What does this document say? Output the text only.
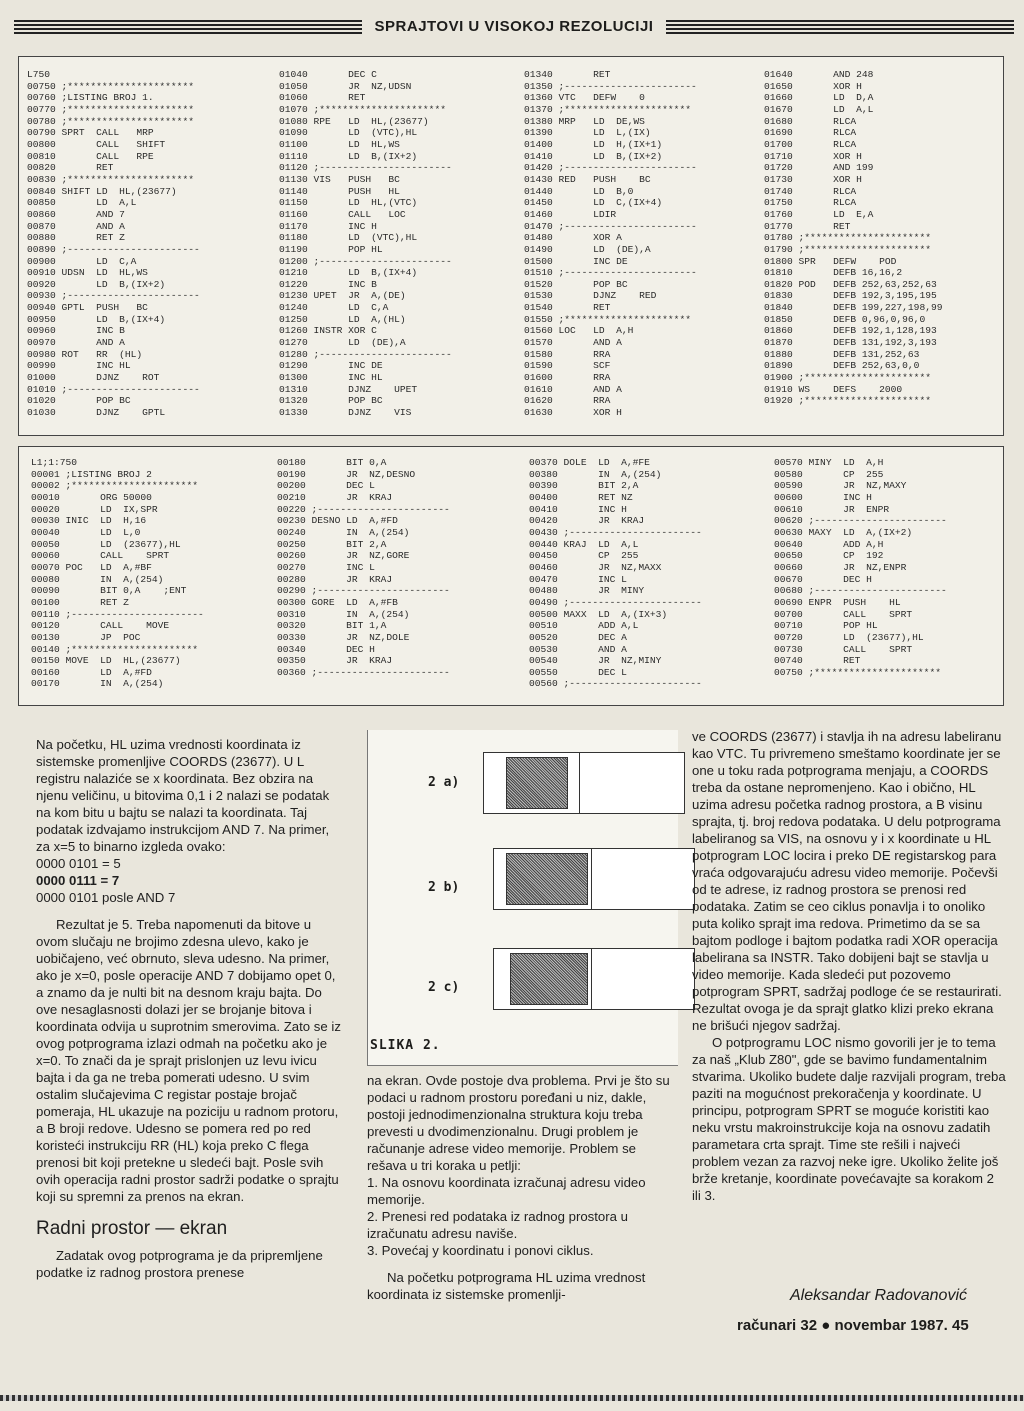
SPRAJTOVI U VISOKOJ REZOLUCIJI
L750
00750 ;**********************
00760 ;LISTING BROJ 1.
00770 ;**********************
00780 ;**********************
00790 SPRT  CALL   MRP
00800       CALL   SHIFT
00810       CALL   RPE
00820       RET
00830 ;**********************
00840 SHIFT LD  HL,(23677)
00850       LD  A,L
00860       AND 7
00870       AND A
00880       RET Z
00890 ;-----------------------
00900       LD  C,A
00910 UDSN  LD  HL,WS
00920       LD  B,(IX+2)
00930 ;-----------------------
00940 GPTL  PUSH   BC
00950       LD  B,(IX+4)
00960       INC B
00970       AND A
00980 ROT   RR  (HL)
00990       INC HL
01000       DJNZ    ROT
01010 ;-----------------------
01020       POP BC
01030       DJNZ    GPTL
01040       DEC C
01050       JR  NZ,UDSN
01060       RET
01070 ;**********************
01080 RPE   LD  HL,(23677)
01090       LD  (VTC),HL
01100       LD  HL,WS
01110       LD  B,(IX+2)
01120 ;-----------------------
01130 VIS   PUSH   BC
01140       PUSH   HL
01150       LD  HL,(VTC)
01160       CALL   LOC
01170       INC H
01180       LD  (VTC),HL
01190       POP HL
01200 ;-----------------------
01210       LD  B,(IX+4)
01220       INC B
01230 UPET  JR  A,(DE)
01240       LD  C,A
01250       LD  A,(HL)
01260 INSTR XOR C
01270       LD  (DE),A
01280 ;-----------------------
01290       INC DE
01300       INC HL
01310       DJNZ    UPET
01320       POP BC
01330       DJNZ    VIS
01340       RET
01350 ;-----------------------
01360 VTC   DEFW    0
01370 ;**********************
01380 MRP   LD  DE,WS
01390       LD  L,(IX)
01400       LD  H,(IX+1)
01410       LD  B,(IX+2)
01420 ;-----------------------
01430 RED   PUSH    BC
01440       LD  B,0
01450       LD  C,(IX+4)
01460       LDIR
01470 ;-----------------------
01480       XOR A
01490       LD  (DE),A
01500       INC DE
01510 ;-----------------------
01520       POP BC
01530       DJNZ    RED
01540       RET
01550 ;**********************
01560 LOC   LD  A,H
01570       AND A
01580       RRA
01590       SCF
01600       RRA
01610       AND A
01620       RRA
01630       XOR H
01640       AND 248
01650       XOR H
01660       LD  D,A
01670       LD  A,L
01680       RLCA
01690       RLCA
01700       RLCA
01710       XOR H
01720       AND 199
01730       XOR H
01740       RLCA
01750       RLCA
01760       LD  E,A
01770       RET
01780 ;**********************
01790 ;**********************
01800 SPR   DEFW    POD
01810       DEFB 16,16,2
01820 POD   DEFB 252,63,252,63
01830       DEFB 192,3,195,195
01840       DEFB 199,227,198,99
01850       DEFB 0,96,0,96,0
01860       DEFB 192,1,128,193
01870       DEFB 131,192,3,193
01880       DEFB 131,252,63
01890       DEFB 252,63,0,0
01900 ;**********************
01910 WS    DEFS    2000
01920 ;**********************
L1;1:750
00001 ;LISTING BROJ 2
00002 ;**********************
00010       ORG 50000
00020       LD  IX,SPR
00030 INIC  LD  H,16
00040       LD  L,0
00050       LD  (23677),HL
00060       CALL    SPRT
00070 POC   LD  A,#BF
00080       IN  A,(254)
00090       BIT 0,A    ;ENT
00100       RET Z
00110 ;-----------------------
00120       CALL    MOVE
00130       JP  POC
00140 ;**********************
00150 MOVE  LD  HL,(23677)
00160       LD  A,#FD
00170       IN  A,(254)
00180       BIT 0,A
00190       JR  NZ,DESNO
00200       DEC L
00210       JR  KRAJ
00220 ;-----------------------
00230 DESNO LD  A,#FD
00240       IN  A,(254)
00250       BIT 2,A
00260       JR  NZ,GORE
00270       INC L
00280       JR  KRAJ
00290 ;-----------------------
00300 GORE  LD  A,#FB
00310       IN  A,(254)
00320       BIT 1,A
00330       JR  NZ,DOLE
00340       DEC H
00350       JR  KRAJ
00360 ;-----------------------
00370 DOLE  LD  A,#FE
00380       IN  A,(254)
00390       BIT 2,A
00400       RET NZ
00410       INC H
00420       JR  KRAJ
00430 ;-----------------------
00440 KRAJ  LD  A,L
00450       CP  255
00460       JR  NZ,MAXX
00470       INC L
00480       JR  MINY
00490 ;-----------------------
00500 MAXX  LD  A,(IX+3)
00510       ADD A,L
00520       DEC A
00530       AND A
00540       JR  NZ,MINY
00550       DEC L
00560 ;-----------------------
00570 MINY  LD  A,H
00580       CP  255
00590       JR  NZ,MAXY
00600       INC H
00610       JR  ENPR
00620 ;-----------------------
00630 MAXY  LD  A,(IX+2)
00640       ADD A,H
00650       CP  192
00660       JR  NZ,ENPR
00670       DEC H
00680 ;-----------------------
00690 ENPR  PUSH    HL
00700       CALL    SPRT
00710       POP HL
00720       LD  (23677),HL
00730       CALL    SPRT
00740       RET
00750 ;**********************

Na početku, HL uzima vrednosti koordinata iz sistemske promenljive COORDS (23677). U L registru nalaziće se x koordinata. Bez obzira na njenu veličinu, u bitovima 0,1 i 2 nalazi se podatak na kom bitu u bajtu se nalazi ta koordinata. Taj podatak izdvajamo instrukcijom AND 7. Na primer, za x=5 to binarno izgleda ovako:

0000 0101 = 5

0000 0111 = 7

0000 0101 posle AND 7

Rezultat je 5. Treba napomenuti da bitove u ovom slučaju ne brojimo zdesna ulevo, kako je uobičajeno, već obrnuto, sleva udesno. Na primer, ako je x=0, posle operacije AND 7 dobijamo opet 0, a znamo da je nulti bit na desnom kraju bajta. Do ove nesaglasnosti dolazi jer se brojanje bitova i koordinata odvija u suprotnim smerovima. Zato se iz ovog potprograma izlazi odmah na početku ako je x=0. To znači da je sprajt prislonjen uz levu ivicu bajta i da ga ne treba pomerati udesno. U svim ostalim slučajevima C registar postaje brojač pomeraja, HL ukazuje na poziciju u radnom protoru, a B broji redove. Udesno se pomera red po red koristeći instrukciju RR (HL) koja preko C flega prenosi bit koji pretekne u sledeći bajt. Posle svih ovih operacija radni prostor sadrži podatke o sprajtu koji su spremni za prenos na ekran.

Radni prostor — ekran

Zadatak ovog potprograma je da pripremljene podatke iz radnog prostora prenese

2 a)
2 b)
2 c)
SLIKA 2.

na ekran. Ovde postoje dva problema. Prvi je što su podaci u radnom prostoru poređani u niz, dakle, postoji jednodimenzionalna struktura koju treba prevesti u dvodimenzionalnu. Drugi problem je računanje adrese video memorije. Problem se rešava u tri koraka u petlji:

1. Na osnovu koordinata izračunaj adresu video memorije.

2. Prenesi red podataka iz radnog prostora u izračunatu adresu naviše.

3. Povećaj y koordinatu i ponovi ciklus.

Na početku potprograma HL uzima vrednost koordinata iz sistemske promenlji-

ve COORDS (23677) i stavlja ih na adresu labeliranu kao VTC. Tu privremeno smeštamo koordinate jer se one u toku rada potprograma menjaju, a COORDS treba da ostane nepromenjeno. Kao i obično, HL uzima adresu početka radnog prostora, a B visinu sprajta, tj. broj redova podataka. U delu potprograma labeliranog sa VIS, na osnovu y i x koordinate u HL potprogram LOC locira i preko DE registarskog para vraća odgovarajuću adresu video memorije. Počevši od te adrese, iz radnog prostora se prenosi red podataka. Zatim se ceo ciklus ponavlja i to onoliko puta koliko sprajt ima redova. Primetimo da se sa bajtom podloge i bajtom podatka radi XOR operacija labelirana sa INSTR. Tako dobijeni bajt se stavlja u video memorije. Kada sledeći put pozovemo potprogram SPRT, sadržaj podloge će se restaurirati. Rezultat ovoga je da sprajt glatko klizi preko ekrana ne brišući njegov sadržaj.

O potprogramu LOC nismo govorili jer je to tema za naš „Klub Z80", gde se bavimo fundamentalnim stvarima. Ukoliko budete dalje razvijali program, treba paziti na mogućnost prekoračenja y koordinate. U principu, potprogram SPRT se moguće koristiti kao neku vrstu makroinstrukcije koja na osnovu zadatih parametara crta sprajt. Time ste rešili i najveći problem vezan za razvoj neke igre. Ukoliko želite još brže kretanje, koordinate povećavajte sa korakom 2 ili 3.

Aleksandar Radovanović
računari 32 ● novembar 1987. 45
